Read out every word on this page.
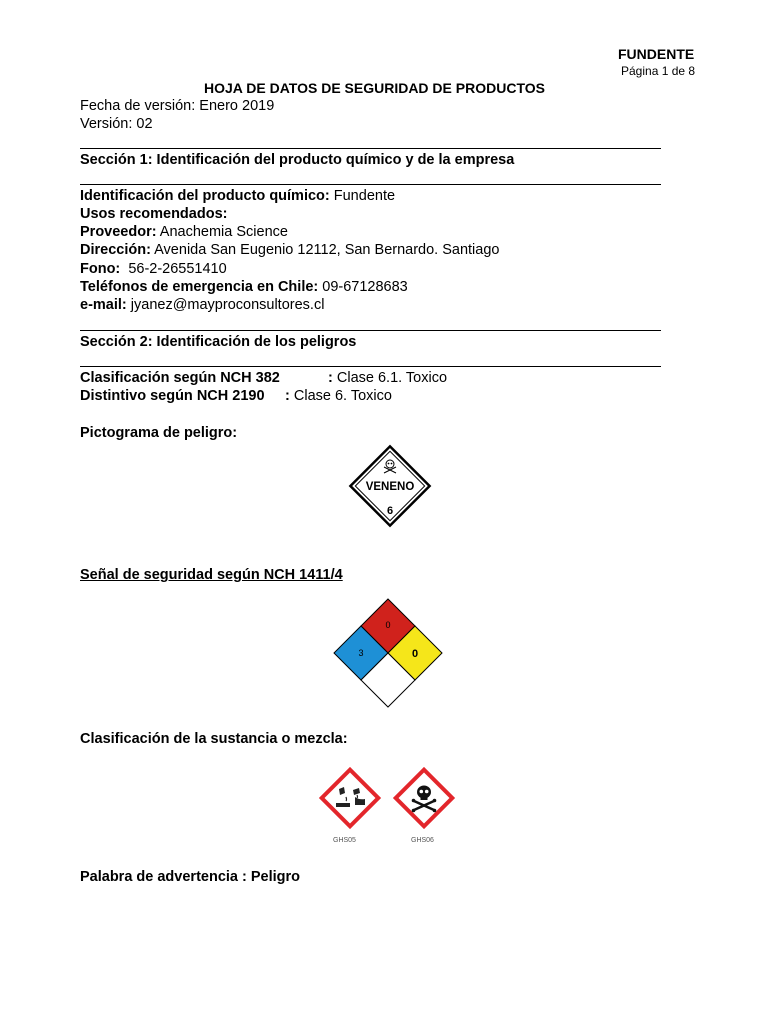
FUNDENTE
Página 1 de 8
HOJA DE DATOS DE SEGURIDAD DE PRODUCTOS
Fecha de versión: Enero 2019
Versión: 02
Sección 1: Identificación del producto químico y de la empresa
Identificación del producto químico: Fundente
Usos recomendados:
Proveedor: Anachemia Science
Dirección: Avenida San Eugenio 12112, San Bernardo. Santiago
Fono:  56-2-26551410
Teléfonos de emergencia en Chile: 09-67128683
e-mail: jyanez@mayproconsultores.cl
Sección 2: Identificación de los peligros
Clasificación según NCH 382	: Clase 6.1. Toxico
Distintivo según NCH 2190 : Clase 6. Toxico
Pictograma de peligro:
VENENO
6
Señal de seguridad según NCH 1411/4
0
3	0
Clasificación de la sustancia o mezcla:
GHS05	GHS06
Palabra de advertencia : Peligro
